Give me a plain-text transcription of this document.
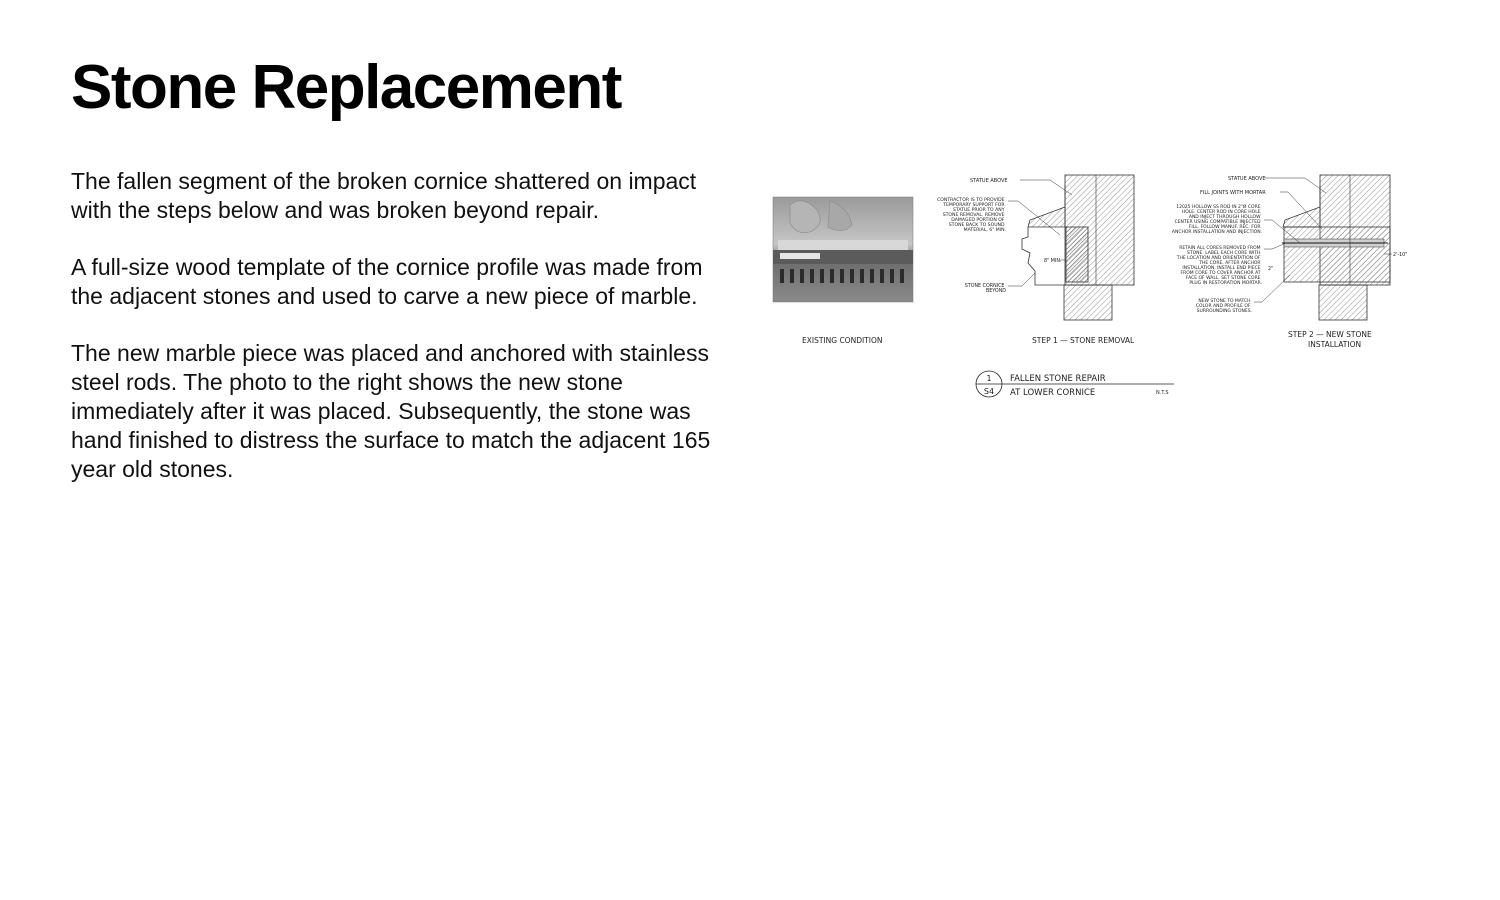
Stone Replacement

The fallen segment of the broken cornice shattered on impact with the steps below and was broken beyond repair.

A full-size wood template of the cornice profile was made from the adjacent stones and used to carve a new piece of marble.

The new marble piece was placed and anchored with stainless steel rods. The photo to the right shows the new stone immediately after it was placed. Subsequently, the stone was hand finished to distress the surface to match the adjacent 165 year old stones.

EXISTING CONDITION
STATUE ABOVE
CONTRACTOR IS TO PROVIDE TEMPORARY SUPPORT FOR STATUE PRIOR TO ANY STONE REMOVAL. REMOVE DAMAGED PORTION OF STONE BACK TO SOUND MATERIAL, 6" MIN.
8" MIN.
STONE CORNICE BEYOND
STEP 1 — STONE REMOVAL
STATUE ABOVE
FILL JOINTS WITH MORTAR
12025 HOLLOW SS ROD IN 2"Ø CORE HOLE. CENTER ROD IN CORE HOLE AND INJECT THROUGH HOLLOW CENTER USING COMPATIBLE INJECTED FILL. FOLLOW MANUF. REC. FOR ANCHOR INSTALLATION AND INJECTION.
RETAIN ALL CORES REMOVED FROM STONE. LABEL EACH CORE WITH THE LOCATION AND ORIENTATION OF THE CORE. AFTER ANCHOR INSTALLATION, INSTALL END PIECE FROM CORE TO COVER ANCHOR AT FACE OF WALL. SET STONE CORE PLUG IN RESTORATION MORTAR.
2"
2'-10"
NEW STONE TO MATCH COLOR AND PROFILE OF SURROUNDING STONES.
STEP 2 — NEW STONE
INSTALLATION
1
S4
FALLEN STONE REPAIR
AT LOWER CORNICE	N.T.S
